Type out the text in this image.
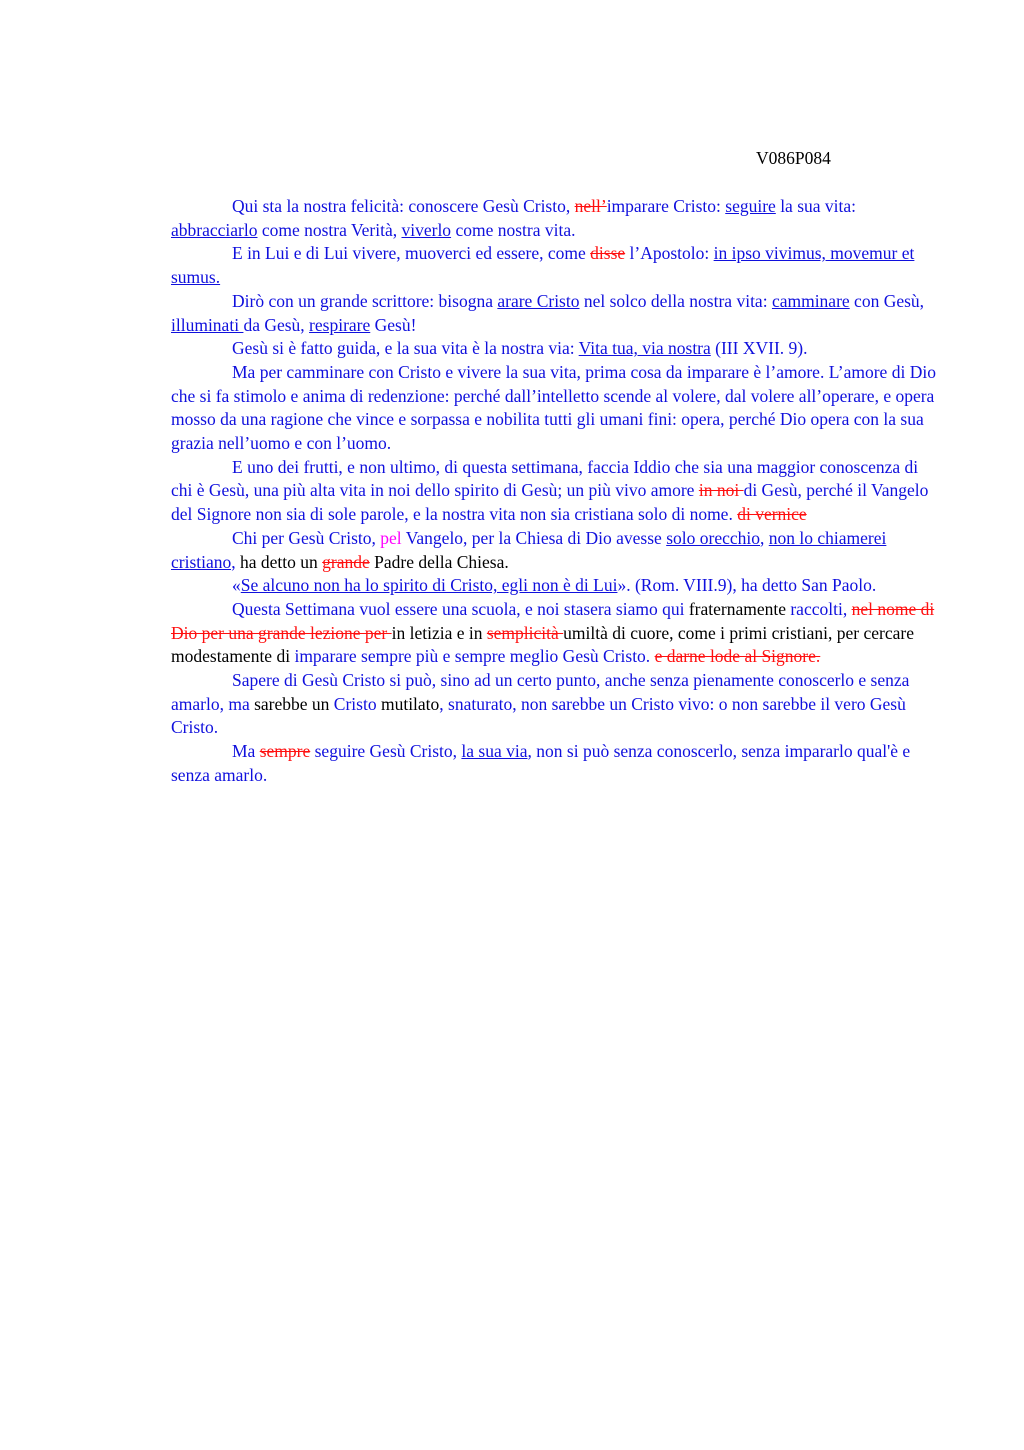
V086P084

Qui sta la nostra felicità: conoscere Gesù Cristo, nell’imparare Cristo: seguire la sua vita: abbracciarlo come nostra Verità, viverlo come nostra vita.

E in Lui e di Lui vivere, muoverci ed essere, come disse l’Apostolo: in ipso vivimus, movemur et sumus.

Dirò con un grande scrittore: bisogna arare Cristo nel solco della nostra vita: camminare con Gesù, illuminati da Gesù, respirare Gesù!

Gesù si è fatto guida, e la sua vita è la nostra via: Vita tua, via nostra (III XVII. 9).

Ma per camminare con Cristo e vivere la sua vita, prima cosa da imparare è l’amore. L’amore di Dio che si fa stimolo e anima di redenzione: perché dall’intelletto scende al volere, dal volere all’operare, e opera mosso da una ragione che vince e sorpassa e nobilita tutti gli umani fini: opera, perché Dio opera con la sua grazia nell’uomo e con l’uomo.

E uno dei frutti, e non ultimo, di questa settimana, faccia Iddio che sia una maggior conoscenza di chi è Gesù, una più alta vita in noi dello spirito di Gesù; un più vivo amore in noi di Gesù, perché il Vangelo del Signore non sia di sole parole, e la nostra vita non sia cristiana solo di nome. di vernice

Chi per Gesù Cristo, pel Vangelo, per la Chiesa di Dio avesse solo orecchio, non lo chiamerei cristiano, ha detto un grande Padre della Chiesa.

«Se alcuno non ha lo spirito di Cristo, egli non è di Lui». (Rom. VIII.9), ha detto San Paolo.

Questa Settimana vuol essere una scuola, e noi stasera siamo qui fraternamente raccolti, nel nome di Dio per una grande lezione per in letizia e in semplicità umiltà di cuore, come i primi cristiani, per cercare modestamente di imparare sempre più e sempre meglio Gesù Cristo. e darne lode al Signore.

Sapere di Gesù Cristo si può, sino ad un certo punto, anche senza pienamente conoscerlo e senza amarlo, ma sarebbe un Cristo mutilato, snaturato, non sarebbe un Cristo vivo: o non sarebbe il vero Gesù Cristo.

Ma sempre seguire Gesù Cristo, la sua via, non si può senza conoscerlo, senza impararlo qual'è e senza amarlo.
